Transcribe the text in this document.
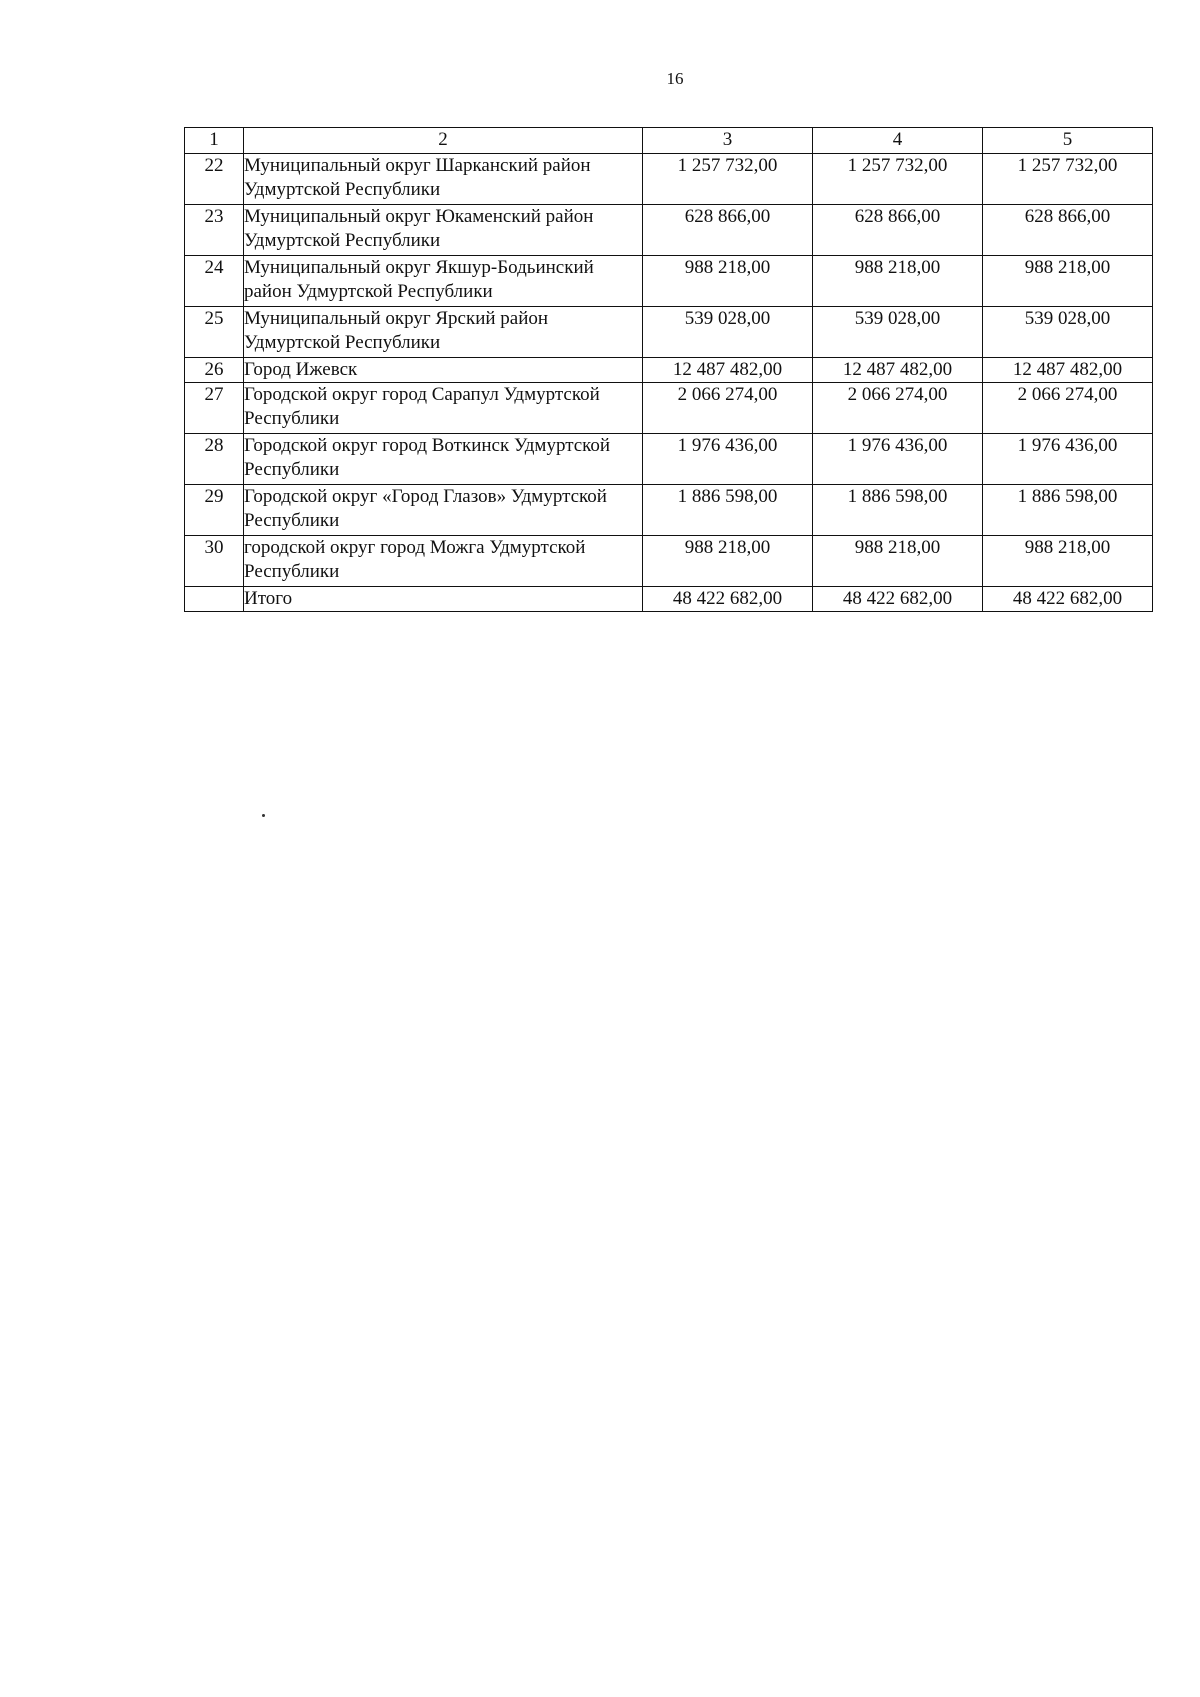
16
1	2	3	4	5
22	Муниципальный округ Шарканский район Удмуртской Республики	1 257 732,00	1 257 732,00	1 257 732,00
23	Муниципальный округ Юкаменский район Удмуртской Республики	628 866,00	628 866,00	628 866,00
24	Муниципальный округ Якшур-Бодьинский район Удмуртской Республики	988 218,00	988 218,00	988 218,00
25	Муниципальный округ Ярский район Удмуртской Республики	539 028,00	539 028,00	539 028,00
26	Город Ижевск	12 487 482,00	12 487 482,00	12 487 482,00
27	Городской округ город Сарапул Удмуртской Республики	2 066 274,00	2 066 274,00	2 066 274,00
28	Городской округ город Воткинск Удмуртской Республики	1 976 436,00	1 976 436,00	1 976 436,00
29	Городской округ «Город Глазов» Удмуртской Республики	1 886 598,00	1 886 598,00	1 886 598,00
30	городской округ город Можга Удмуртской Республики	988 218,00	988 218,00	988 218,00
	Итого	48 422 682,00	48 422 682,00	48 422 682,00
